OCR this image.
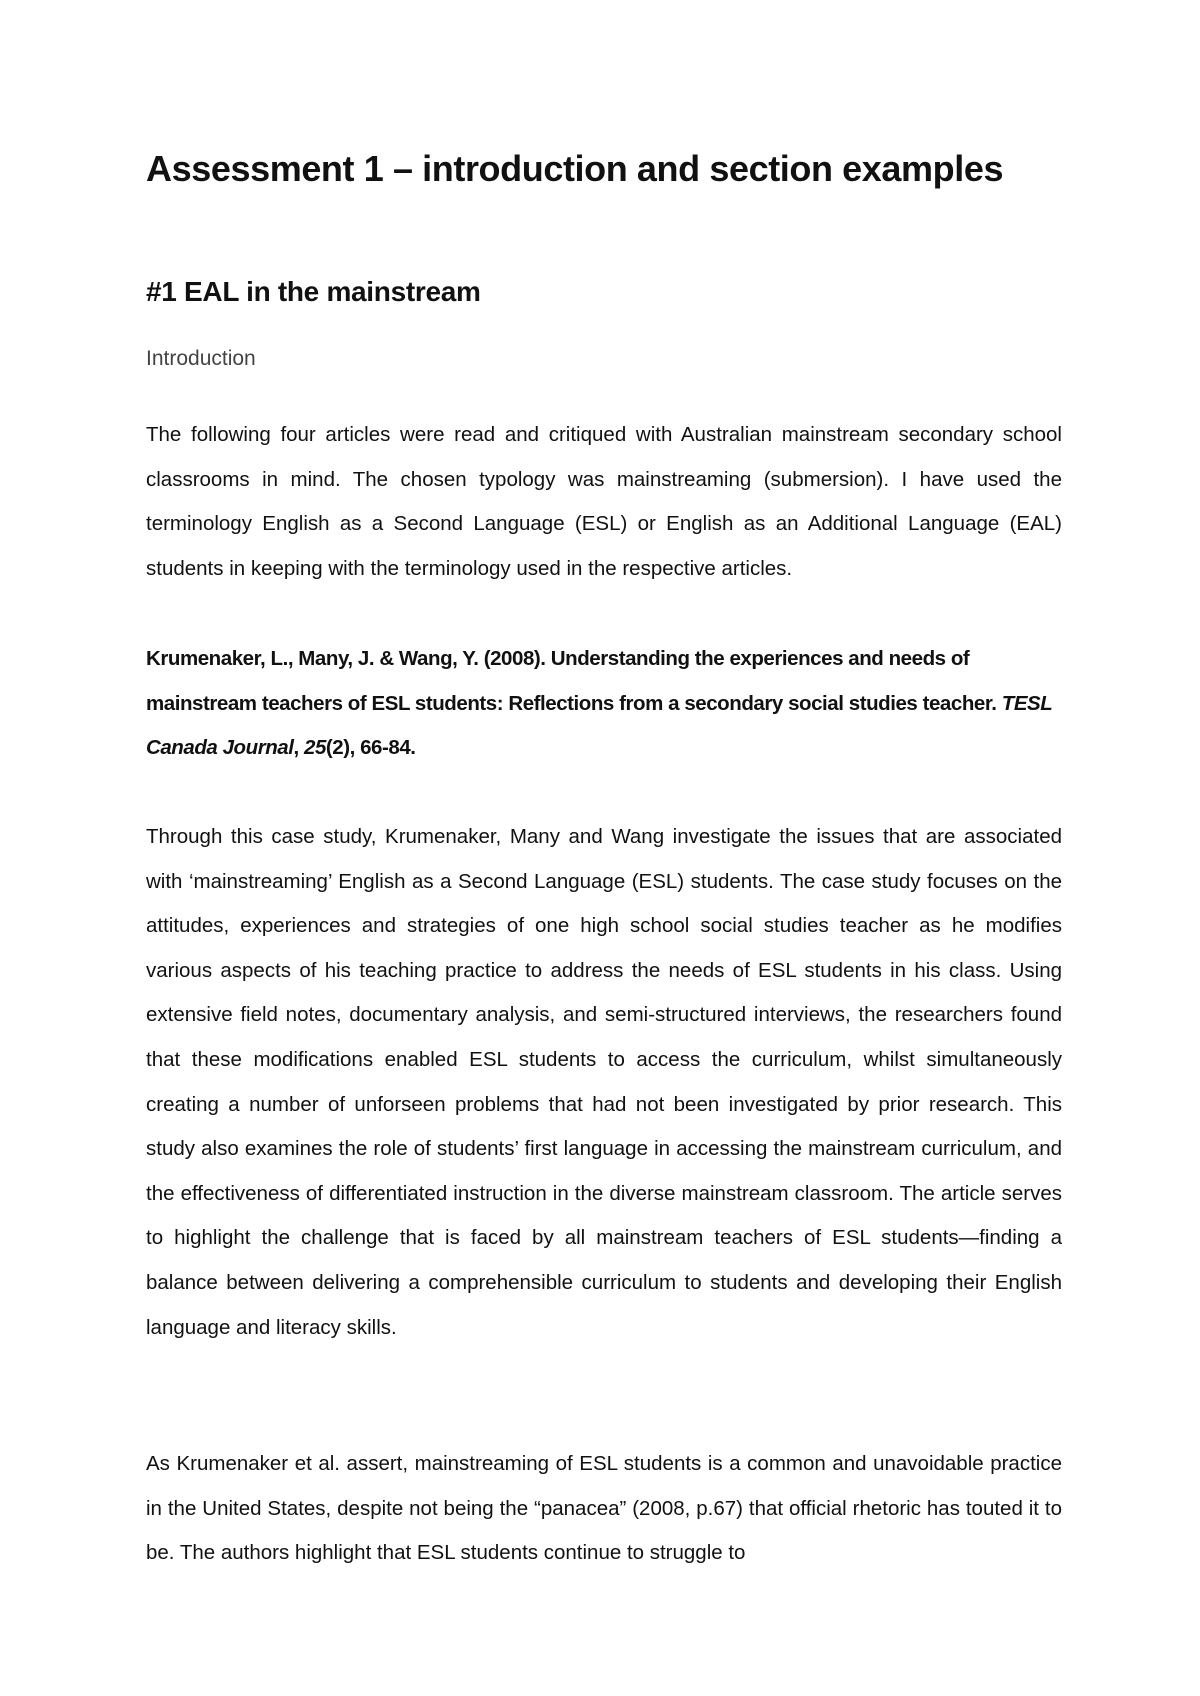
Assessment 1 – introduction and section examples
#1 EAL in the mainstream
Introduction

The following four articles were read and critiqued with Australian mainstream secondary school classrooms in mind. The chosen typology was mainstreaming (submersion). I have used the terminology English as a Second Language (ESL) or English as an Additional Language (EAL) students in keeping with the terminology used in the respective articles.

Krumenaker, L., Many, J. & Wang, Y. (2008). Understanding the experiences and needs of mainstream teachers of ESL students: Reflections from a secondary social studies teacher. TESL Canada Journal, 25(2), 66-84.

Through this case study, Krumenaker, Many and Wang investigate the issues that are associated with ‘mainstreaming’ English as a Second Language (ESL) students. The case study focuses on the attitudes, experiences and strategies of one high school social studies teacher as he modifies various aspects of his teaching practice to address the needs of ESL students in his class. Using extensive field notes, documentary analysis, and semi-structured interviews, the researchers found that these modifications enabled ESL students to access the curriculum, whilst simultaneously creating a number of unforseen problems that had not been investigated by prior research. This study also examines the role of students’ first language in accessing the mainstream curriculum, and the effectiveness of differentiated instruction in the diverse mainstream classroom. The article serves to highlight the challenge that is faced by all mainstream teachers of ESL students—finding a balance between delivering a comprehensible curriculum to students and developing their English language and literacy skills.

As Krumenaker et al. assert, mainstreaming of ESL students is a common and unavoidable practice in the United States, despite not being the “panacea” (2008, p.67) that official rhetoric has touted it to be. The authors highlight that ESL students continue to struggle to
